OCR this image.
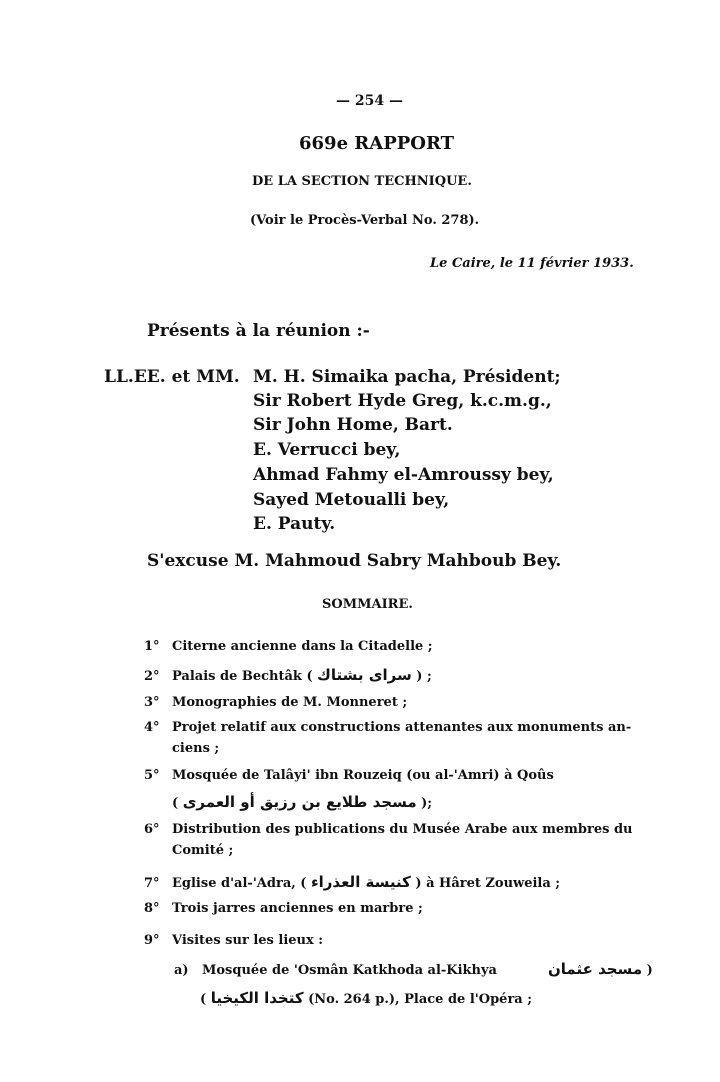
— 254 —
669e RAPPORT
DE LA SECTION TECHNIQUE.
(Voir le Procès-Verbal No. 278).
Le Caire, le 11 février 1933.
Présents à la réunion :-
LL.EE. et MM. M. H. Simaika pacha, Président;
Sir Robert Hyde Greg, k.c.m.g.,
Sir John Home, Bart.
E. Verrucci bey,
Ahmad Fahmy el-Amroussy bey,
Sayed Metoualli bey,
E. Pauty.
S'excuse M. Mahmoud Sabry Mahboub Bey.
SOMMAIRE.
1° Citerne ancienne dans la Citadelle ;
2° Palais de Bechtâk ( سراى بشتاك ) ;
3° Monographies de M. Monneret ;
4° Projet relatif aux constructions attenantes aux monuments an-
ciens ;
5° Mosquée de Talâyi' ibn Rouzeiq (ou al-'Amri) à Qoûs
( مسجد طلايع بن رزيق أو العمرى );
6° Distribution des publications du Musée Arabe aux membres du
Comité ;
7° Eglise d'al-'Adra, ( كنيسة العذراء ) à Hâret Zouweila ;
8° Trois jarres anciennes en marbre ;
9° Visites sur les lieux :
a) Mosquée de 'Osmân Katkhoda al-Kikhya	مسجد عثمان )
( كتخدا الكيخيا (No. 264 p.), Place de l'Opéra ;
